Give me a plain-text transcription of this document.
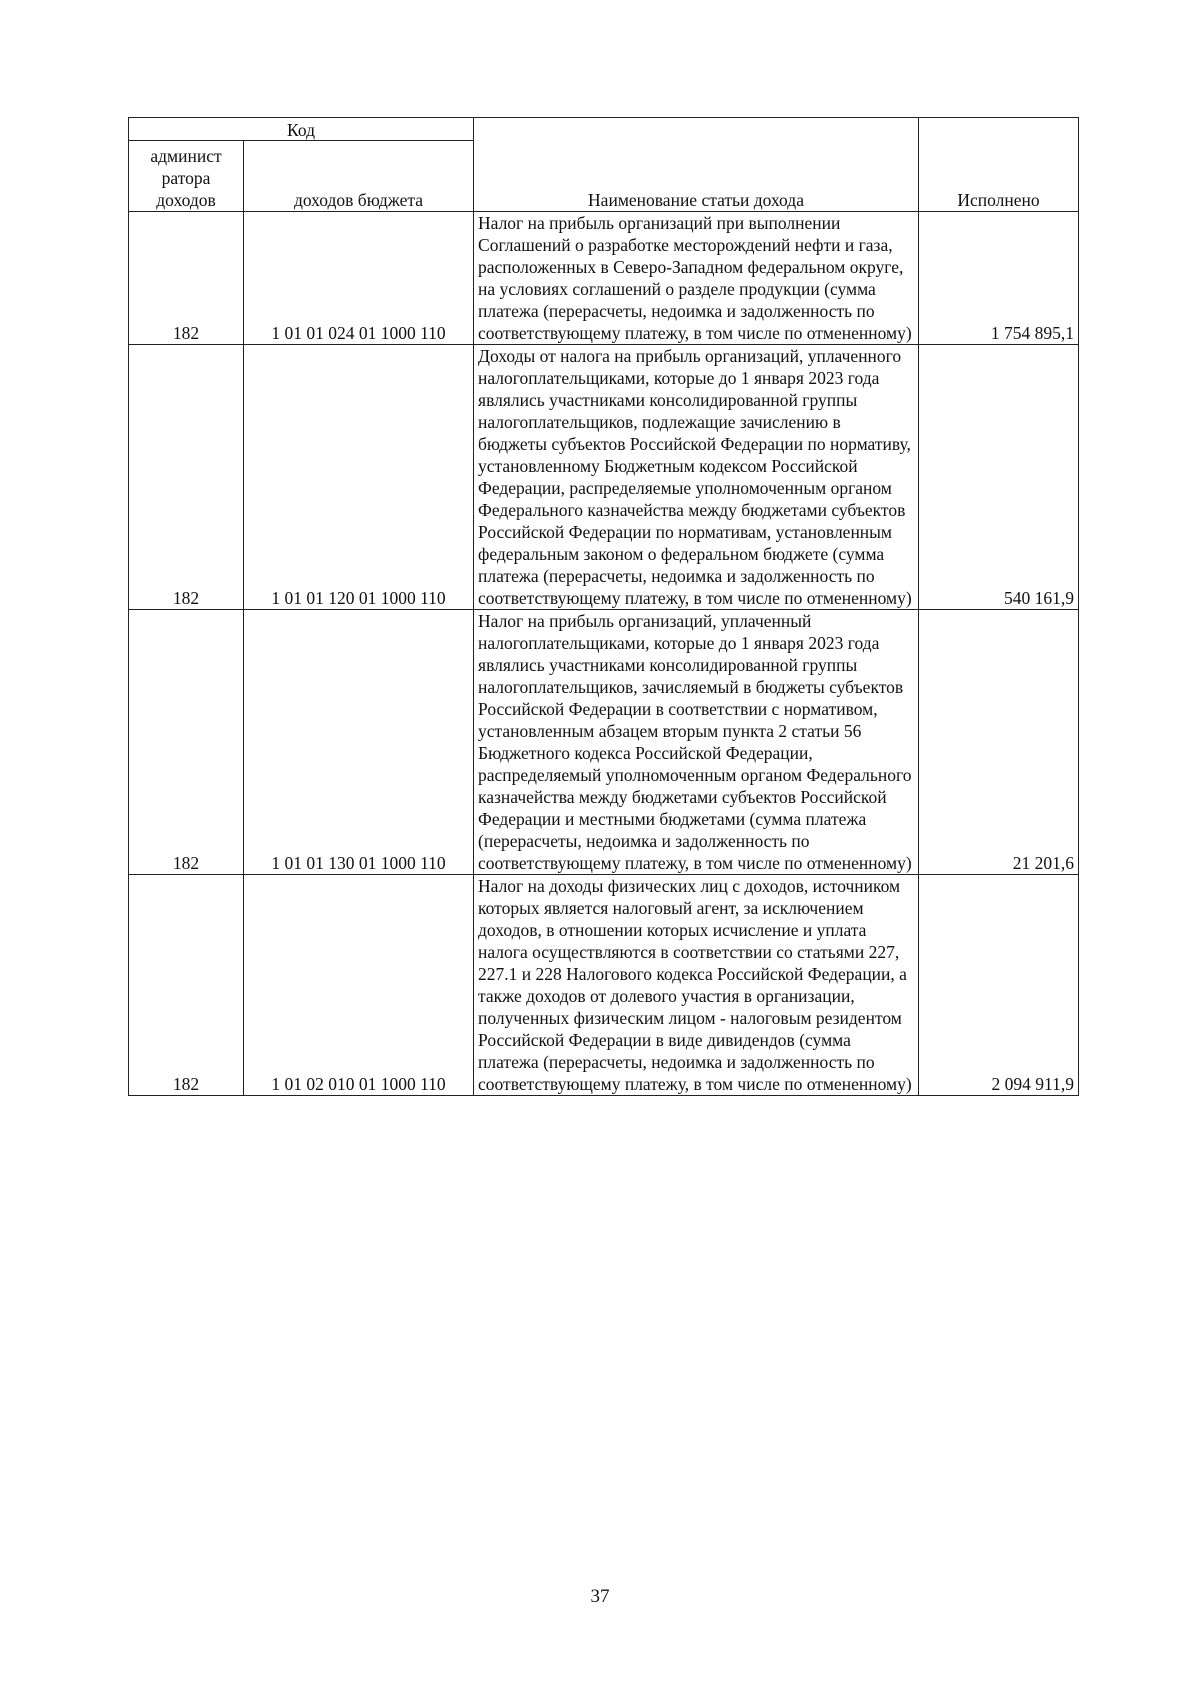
Код		Наименование статьи дохода	Исполнено
админист ратора доходов	доходов бюджета		
182	1 01 01 024 01 1000 110	Налог на прибыль организаций при выполнении Соглашений о разработке месторождений нефти и газа, расположенных в Северо-Западном федеральном округе, на условиях соглашений о разделе продукции (сумма платежа (перерасчеты, недоимка и задолженность по соответствующему платежу, в том числе по отмененному)	1 754 895,1
182	1 01 01 120 01 1000 110	Доходы от налога на прибыль организаций, уплаченного налогоплательщиками, которые до 1 января 2023 года являлись участниками консолидированной группы налогоплательщиков, подлежащие зачислению в бюджеты субъектов Российской Федерации по нормативу, установленному Бюджетным кодексом Российской Федерации, распределяемые уполномоченным органом Федерального казначейства между бюджетами субъектов Российской Федерации по нормативам, установленным федеральным законом о федеральном бюджете (сумма платежа (перерасчеты, недоимка и задолженность по соответствующему платежу, в том числе по отмененному)	540 161,9
182	1 01 01 130 01 1000 110	Налог на прибыль организаций, уплаченный налогоплательщиками, которые до 1 января 2023 года являлись участниками консолидированной группы налогоплательщиков, зачисляемый в бюджеты субъектов Российской Федерации в соответствии с нормативом, установленным абзацем вторым пункта 2 статьи 56 Бюджетного кодекса Российской Федерации, распределяемый уполномоченным органом Федерального казначейства между бюджетами субъектов Российской Федерации и местными бюджетами (сумма платежа (перерасчеты, недоимка и задолженность по соответствующему платежу, в том числе по отмененному)	21 201,6
182	1 01 02 010 01 1000 110	Налог на доходы физических лиц с доходов, источником которых является налоговый агент, за исключением доходов, в отношении которых исчисление и уплата налога осуществляются в соответствии со статьями 227, 227.1 и 228 Налогового кодекса Российской Федерации, а также доходов от долевого участия в организации, полученных физическим лицом - налоговым резидентом Российской Федерации в виде дивидендов (сумма платежа (перерасчеты, недоимка и задолженность по соответствующему платежу, в том числе по отмененному)	2 094 911,9
37
